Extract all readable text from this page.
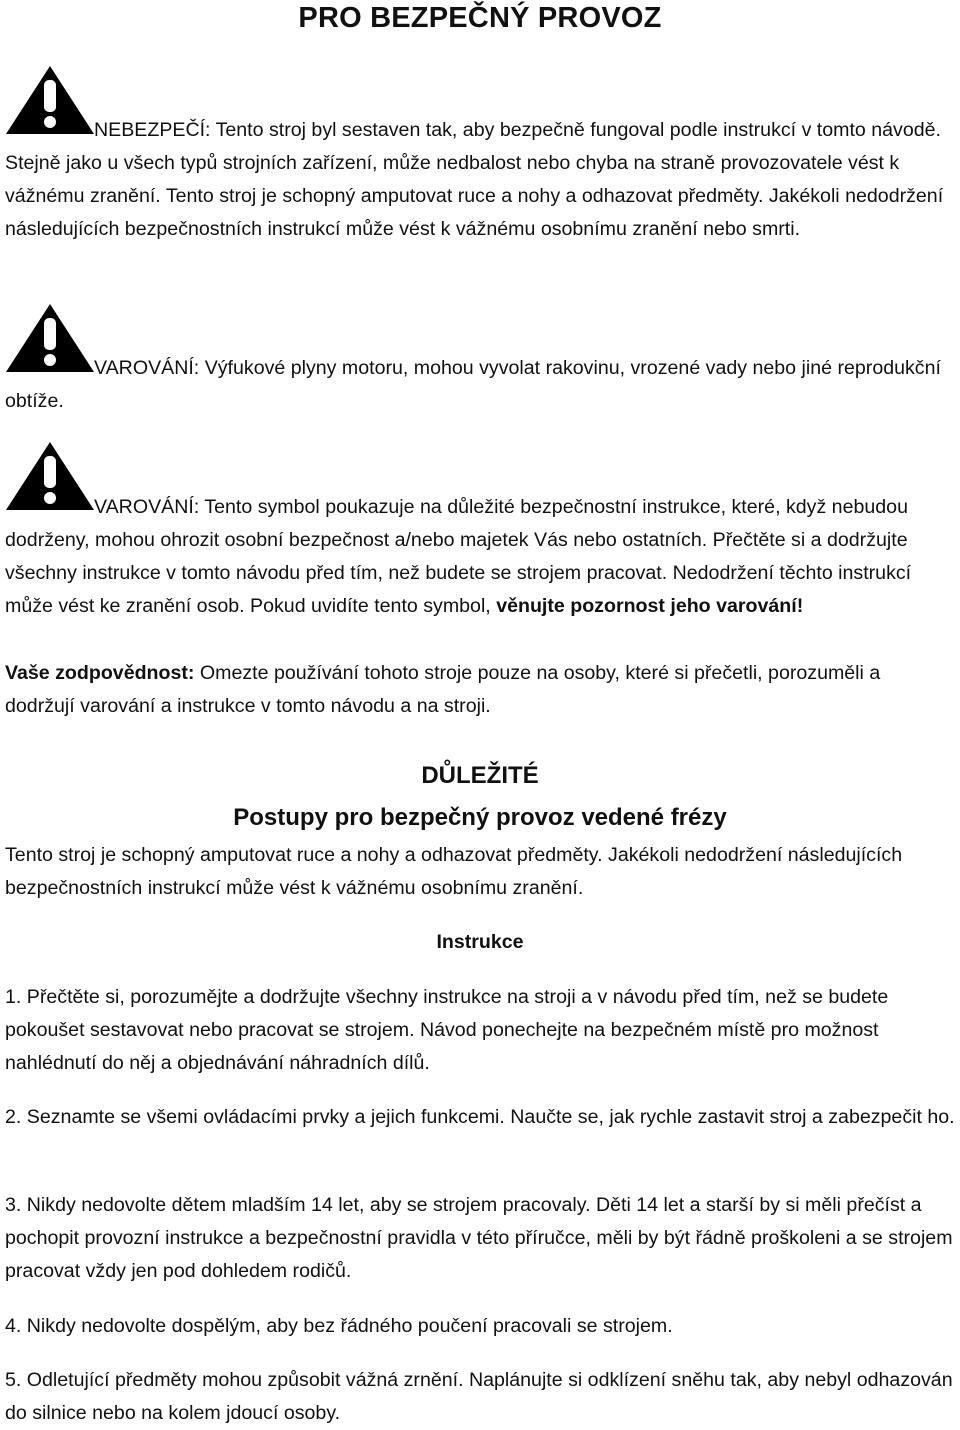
PRO BEZPEČNÝ PROVOZ

NEBEZPEČÍ: Tento stroj byl sestaven tak, aby bezpečně fungoval podle instrukcí v tomto návodě. Stejně jako u všech typů strojních zařízení, může nedbalost nebo chyba na straně provozovatele vést k vážnému zranění. Tento stroj je schopný amputovat ruce a nohy a odhazovat předměty. Jakékoli nedodržení následujících bezpečnostních instrukcí může vést k vážnému osobnímu zranění nebo smrti.

VAROVÁNÍ: Výfukové plyny motoru, mohou vyvolat rakovinu, vrozené vady nebo jiné reprodukční obtíže.

VAROVÁNÍ: Tento symbol poukazuje na důležité bezpečnostní instrukce, které, když nebudou dodrženy, mohou ohrozit osobní bezpečnost a/nebo majetek Vás nebo ostatních. Přečtěte si a dodržujte všechny instrukce v tomto návodu před tím, než budete se strojem pracovat. Nedodržení těchto instrukcí může vést ke zranění osob. Pokud uvidíte tento symbol, věnujte pozornost jeho varování!

Vaše zodpovědnost: Omezte používání tohoto stroje pouze na osoby, které si přečetli, porozuměli a dodržují varování a instrukce v tomto návodu a na stroji.

DŮLEŽITÉ
Postupy pro bezpečný provoz vedené frézy

Tento stroj je schopný amputovat ruce a nohy a odhazovat předměty. Jakékoli nedodržení následujících bezpečnostních instrukcí může vést k vážnému osobnímu zranění.

Instrukce

1. Přečtěte si, porozumějte a dodržujte všechny instrukce na stroji a v návodu před tím, než se budete pokoušet sestavovat nebo pracovat se strojem. Návod ponechejte na bezpečném místě pro možnost nahlédnutí do něj a objednávání náhradních dílů.

2. Seznamte se všemi ovládacími prvky a jejich funkcemi. Naučte se, jak rychle zastavit stroj a zabezpečit ho.

3. Nikdy nedovolte dětem mladším 14 let, aby se strojem pracovaly. Děti 14 let a starší by si měli přečíst a pochopit provozní instrukce a bezpečnostní pravidla v této příručce, měli by být řádně proškoleni a se strojem pracovat vždy jen pod dohledem rodičů.

4. Nikdy nedovolte dospělým, aby bez řádného poučení pracovali se strojem.

5. Odletující předměty mohou způsobit vážná zrnění. Naplánujte si odklízení sněhu tak, aby nebyl odhazován do silnice nebo na kolem jdoucí osoby.
